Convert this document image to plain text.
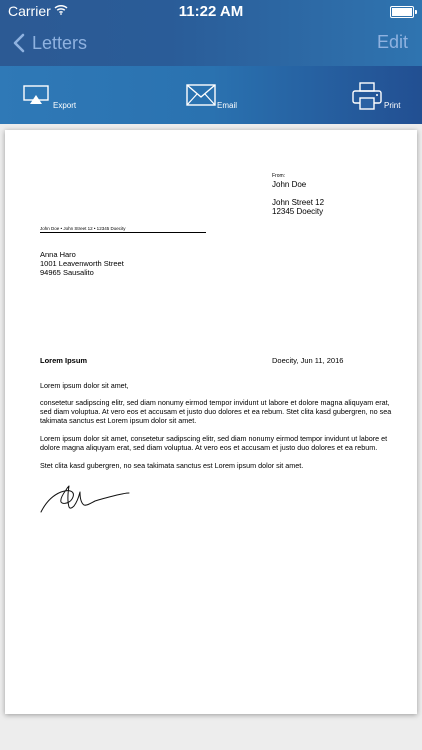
Carrier	11:22 AM
Letters	Edit
Export	Email	Print
From:
John Doe
John Street 12
12345 Doecity
John Doe • John Street 12 • 12345 Doecity
Anna Haro
1001 Leavenworth Street
94965 Sausalito
Lorem Ipsum	Doecity, Jun 11, 2016
Lorem ipsum dolor sit amet,
consetetur sadipscing elitr, sed diam nonumy eirmod tempor invidunt ut labore et dolore magna aliquyam erat, sed diam voluptua. At vero eos et accusam et justo duo dolores et ea rebum. Stet clita kasd gubergren, no sea takimata sanctus est Lorem ipsum dolor sit amet.
Lorem ipsum dolor sit amet, consetetur sadipscing elitr, sed diam nonumy eirmod tempor invidunt ut labore et dolore magna aliquyam erat, sed diam voluptua. At vero eos et accusam et justo duo dolores et ea rebum.
Stet clita kasd gubergren, no sea takimata sanctus est Lorem ipsum dolor sit amet.
